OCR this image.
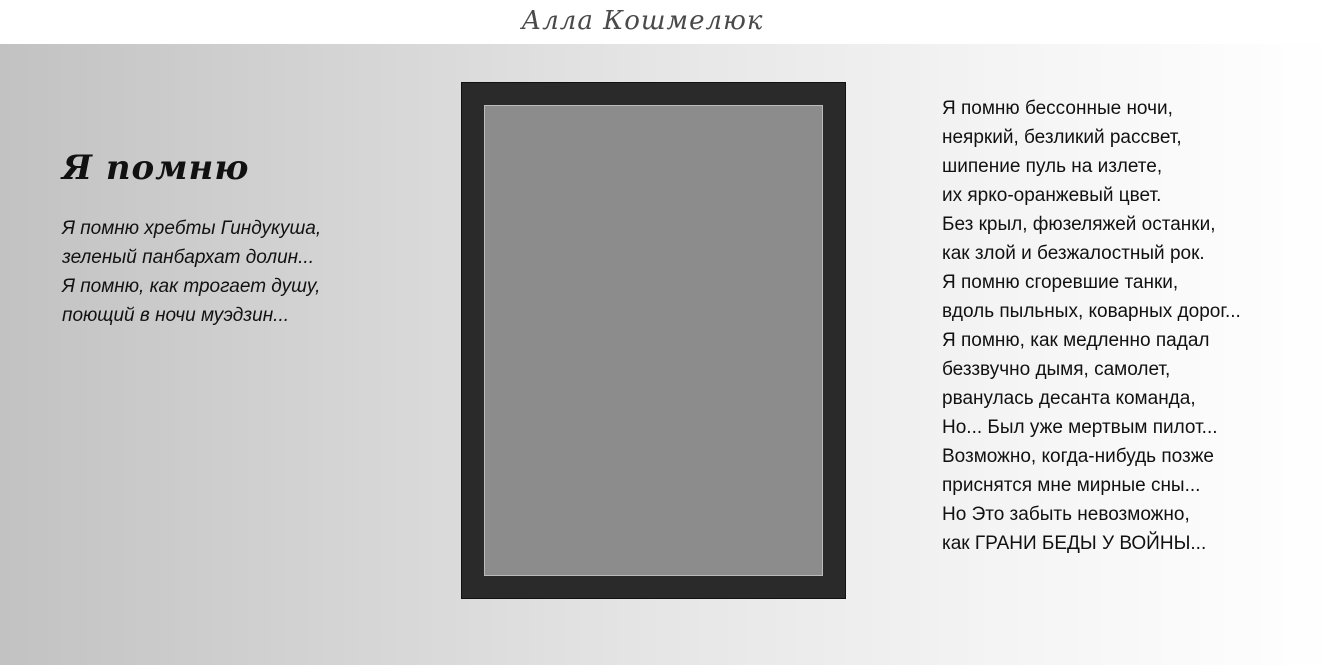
Алла Кошмелюк
Я помню
Я помню хребты Гиндукуша,
зеленый панбархат долин...
Я помню, как трогает душу,
поющий в ночи муэдзин...
Я помню бессонные ночи,
неяркий, безликий рассвет,
шипение пуль на излете,
их ярко-оранжевый цвет.
Без крыл, фюзеляжей останки,
как злой и безжалостный рок.
Я помню сгоревшие танки,
вдоль пыльных, коварных дорог...
Я помню, как медленно падал
беззвучно дымя, самолет,
рванулась десанта команда,
Но... Был уже мертвым пилот...
Возможно, когда-нибудь позже
приснятся мне мирные сны...
Но Это забыть невозможно,
как ГРАНИ БЕДЫ У ВОЙНЫ...
